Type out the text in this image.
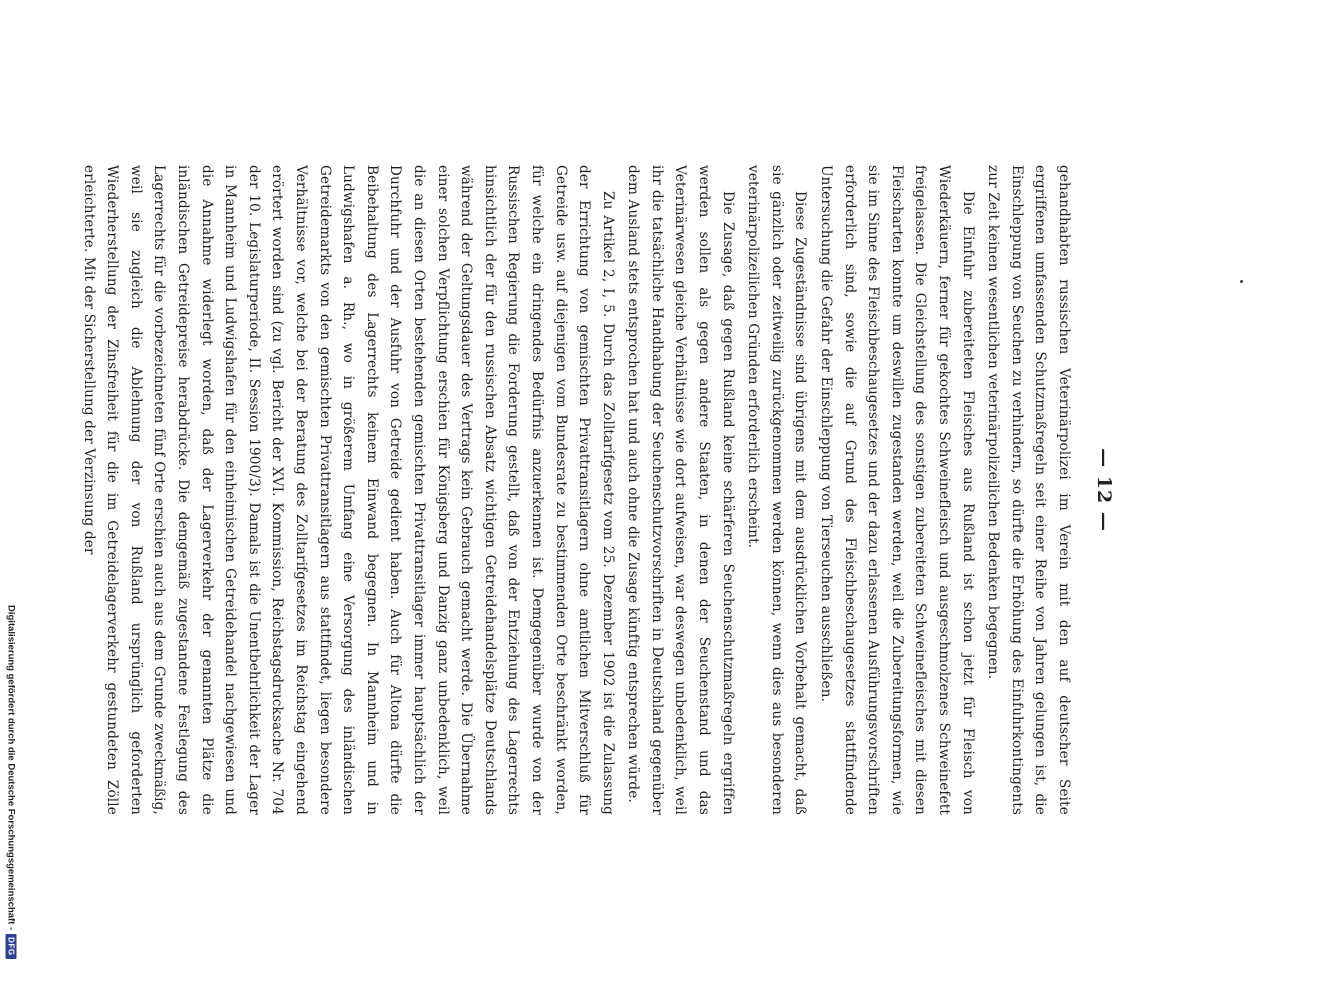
— 12 —

gehandhabten russischen Veterinärpolizei im Verein mit den auf deutscher Seite ergriffenen umfassenden Schutzmaßregeln seit einer Reihe von Jahren gelungen ist, die Einschleppung von Seuchen zu verhindern, so dürfte die Erhöhung des Einfuhrkontingents zur Zeit keinen wesentlichen veterinärpolizeilichen Bedenken begegnen.

Die Einfuhr zubereiteten Fleisches aus Rußland ist schon jetzt für Fleisch von Wiederkäuern, ferner für gekochtes Schweinefleisch und ausgeschmolzenes Schweinefett freigelassen. Die Gleichstellung des sonstigen zubereiteten Schweinefleisches mit diesen Fleischarten konnte um deswillen zugestanden werden, weil die Zubereitungsformen, wie sie im Sinne des Fleischbeschaugesetzes und der dazu erlassenen Ausführungsvorschriften erforderlich sind, sowie die auf Grund des Fleischbeschaugesetzes stattfindende Untersuchung die Gefahr der Einschleppung von Tierseuchen ausschließen.

Diese Zugeständnisse sind übrigens mit dem ausdrücklichen Vorbehalt gemacht, daß sie gänzlich oder zeitweilig zurückgenommen werden können, wenn dies aus besonderen veterinärpolizeilichen Gründen erforderlich erscheint.

Die Zusage, daß gegen Rußland keine schärferen Seuchenschutzmaßregeln ergriffen werden sollen als gegen andere Staaten, in denen der Seuchenstand und das Veterinärwesen gleiche Verhältnisse wie dort aufweisen, war deswegen unbedenklich, weil ihr die tatsächliche Handhabung der Seuchenschutzvorschriften in Deutschland gegenüber dem Ausland stets entsprochen hat und auch ohne die Zusage künftig entsprechen würde.

Zu Artikel 2, I, 5. Durch das Zolltarifgesetz vom 25. Dezember 1902 ist die Zulassung der Errichtung von gemischten Privattransitlagern ohne amtlichen Mitverschluß für Getreide usw. auf diejenigen vom Bundesrate zu bestimmenden Orte beschränkt worden, für welche ein dringendes Bedürfnis anzuerkennen ist. Demgegenüber wurde von der Russischen Regierung die Forderung gestellt, daß von der Entziehung des Lagerrechts hinsichtlich der für den russischen Absatz wichtigen Getreidehandelsplätze Deutschlands während der Geltungsdauer des Vertrags kein Gebrauch gemacht werde. Die Übernahme einer solchen Verpflichtung erschien für Königsberg und Danzig ganz unbedenklich, weil die an diesen Orten bestehenden gemischten Privattransitlager immer hauptsächlich der Durchfuhr und der Ausfuhr von Getreide gedient haben. Auch für Altona dürfte die Beibehaltung des Lagerrechts keinem Einwand begegnen. In Mannheim und in Ludwigshafen a. Rh., wo in größerem Umfang eine Versorgung des inländischen Getreidemarkts von den gemischten Privattransitlagern aus stattfindet, liegen besondere Verhältnisse vor, welche bei der Beratung des Zolltarifgesetzes im Reichstag eingehend erörtert worden sind (zu vgl. Bericht der XVI. Kommission, Reichstagsdrucksache Nr. 704 der 10. Legislaturperiode, II. Session 1900/3). Damals ist die Unentbehrlichkeit der Lager in Mannheim und Ludwigshafen für den einheimischen Getreidehandel nachgewiesen und die Annahme widerlegt worden, daß der Lagerverkehr der genannten Plätze die inländischen Getreidepreise herabdrücke. Die demgemäß zugestandene Festlegung des Lagerrechts für die vorbezeichneten fünf Orte erschien auch aus dem Grunde zweckmäßig, weil sie zugleich die Ablehnung der von Rußland ursprünglich geforderten Wiederherstellung der Zinsfreiheit für die im Getreidelagerverkehr gestundeten Zölle erleichterte. Mit der Sicherstellung der Verzinsung der

Digitalisierung gefördert durch die Deutsche Forschungsgemeinschaft -
DFG
